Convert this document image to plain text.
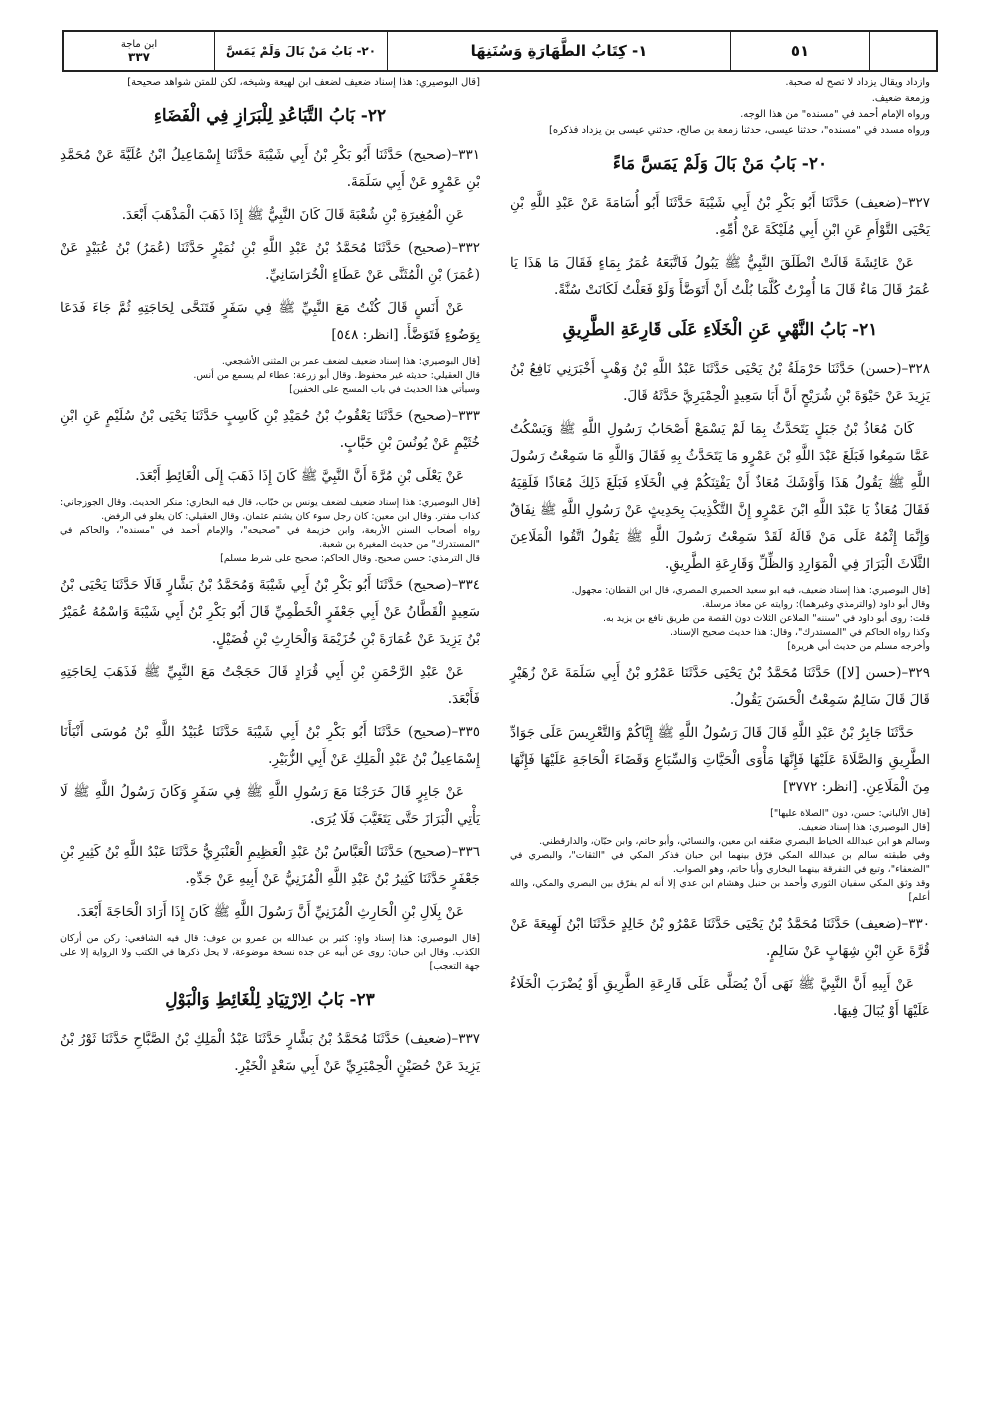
٥١
١- كِتَابُ الطَّهَارَةِ وَسُنَنِهَا
٢٠- بَابُ مَنْ بَالَ وَلَمْ يَمَسَّ
ابن ماجة
٣٣٧

وازداد ويقال يزداد لا تصح له صحبة.

وزمعة ضعيف.

ورواه الإمام أحمد في "مسنده" من هذا الوجه.

ورواه مسدد في "مسنده"، حدثنا عيسى، حدثنا زمعة بن صالح، حدثني عيسى بن يزداد فذكره]

٢٠- بَابُ مَنْ بَالَ وَلَمْ يَمَسَّ مَاءً

٣٢٧–(ضعيف) حَدَّثَنَا أَبُو بَكْرِ بْنُ أَبِي شَيْبَةَ حَدَّثَنَا أَبُو أُسَامَةَ عَنْ عَبْدِ اللَّهِ بْنِ يَحْيَى التَّوْأَمِ عَنِ ابْنِ أَبِي مُلَيْكَةَ عَنْ أُمِّهِ.

عَنْ عَائِشَةَ قَالَتْ انْطَلَقَ النَّبِيُّ ﷺ يَبُولُ فَاتَّبَعَهُ عُمَرُ بِمَاءٍ فَقَالَ مَا هَذَا يَا عُمَرُ قَالَ مَاءٌ قَالَ مَا أُمِرْتُ كُلَّمَا بُلْتُ أَنْ أَتَوَضَّأَ وَلَوْ فَعَلْتُ لَكَانَتْ سُنَّةً.

٢١- بَابُ النَّهْيِ عَنِ الْخَلَاءِ عَلَى قَارِعَةِ الطَّرِيقِ

٣٢٨–(حسن) حَدَّثَنَا حَرْمَلَةُ بْنُ يَحْيَى حَدَّثَنَا عَبْدُ اللَّهِ بْنُ وَهْبٍ أَخْبَرَنِي نَافِعُ بْنُ يَزِيدَ عَنْ حَيْوَةَ بْنِ شُرَيْحٍ أَنَّ أَبَا سَعِيدٍ الْحِمْيَرِيَّ حَدَّثَهُ قَالَ.

كَانَ مُعَاذُ بْنُ جَبَلٍ يَتَحَدَّثُ بِمَا لَمْ يَسْمَعْ أَصْحَابُ رَسُولِ اللَّهِ ﷺ وَيَسْكُتُ عَمَّا سَمِعُوا فَبَلَغَ عَبْدَ اللَّهِ بْنَ عَمْرٍو مَا يَتَحَدَّثُ بِهِ فَقَالَ وَاللَّهِ مَا سَمِعْتُ رَسُولَ اللَّهِ ﷺ يَقُولُ هَذَا وَأَوْشَكَ مُعَاذٌ أَنْ يَفْتِنَكُمْ فِي الْخَلَاءِ فَبَلَغَ ذَلِكَ مُعَاذًا فَلَقِيَهُ فَقَالَ مُعَاذٌ يَا عَبْدَ اللَّهِ ابْنَ عَمْرٍو إِنَّ التَّكْذِيبَ بِحَدِيثٍ عَنْ رَسُولِ اللَّهِ ﷺ نِفَاقٌ وَإِنَّمَا إِثْمُهُ عَلَى مَنْ قَالَهُ لَقَدْ سَمِعْتُ رَسُولَ اللَّهِ ﷺ يَقُولُ اتَّقُوا الْمَلَاعِنَ الثَّلَاثَ الْبَرَازَ فِي الْمَوَارِدِ وَالظِّلِّ وَقَارِعَةِ الطَّرِيقِ.

[قال البوصيري: هذا إسناد ضعيف، فيه ابو سعيد الحميري المصري، قال ابن القطان: مجهول.
وقال أبو داود (والترمذي وغيرهما): روايته عن معاذ مرسلة.
قلت: روى أبو داود في "سننه" الملاعن الثلاث دون القصة من طريق نافع بن يزيد به.
وكذا رواه الحاكم في "المستدرك"، وقال: هذا حديث صحيح الإسناد.
وأخرجه مسلم من حديث أبي هريرة]

٣٢٩–(حسن [لا]) حَدَّثَنَا مُحَمَّدُ بْنُ يَحْيَى حَدَّثَنَا عَمْرُو بْنُ أَبِي سَلَمَةَ عَنْ زُهَيْرٍ قَالَ قَالَ سَالِمٌ سَمِعْتُ الْحَسَنَ يَقُولُ.

حَدَّثَنَا جَابِرُ بْنُ عَبْدِ اللَّهِ قَالَ قَالَ رَسُولُ اللَّهِ ﷺ إِيَّاكُمْ وَالتَّعْرِيسَ عَلَى جَوَادِّ الطَّرِيقِ وَالصَّلَاةَ عَلَيْهَا فَإِنَّهَا مَأْوَى الْحَيَّاتِ وَالسِّبَاعِ وَقَضَاءَ الْحَاجَةِ عَلَيْهَا فَإِنَّهَا مِنَ الْمَلَاعِنِ. [انظر: ٣٧٧٢]

[قال الألباني: حسن، دون "الصلاة عليها"]
[قال البوصيري: هذا إسناد ضعيف.
وسالم هو ابن عبدالله الخياط البصري ضعّفه ابن معين، والنسائي، وأبو حاتم، وابن حبّان، والدارقطني.
وفي طبقته سالم بن عبدالله المكي فرّق بينهما ابن حبان فذكر المكي في "الثقات"، والبصري في "الضعفاء"، وتبع في التفرقة بينهما البخاري وأبا حاتم، وهو الصواب.
وقد وثق المكي سفيان الثوري وأحمد بن حنبل وهشام ابن عدي إلا أنه لم يفرّق بين البصري والمكي، والله أعلم]

٣٣٠–(ضعيف) حَدَّثَنَا مُحَمَّدُ بْنُ يَحْيَى حَدَّثَنَا عَمْرُو بْنُ خَالِدٍ حَدَّثَنَا ابْنُ لَهِيعَةَ عَنْ قُرَّةَ عَنِ ابْنِ شِهَابٍ عَنْ سَالِمٍ.

عَنْ أَبِيهِ أَنَّ النَّبِيَّ ﷺ نَهَى أَنْ يُصَلَّى عَلَى قَارِعَةِ الطَّرِيقِ أَوْ يُضْرَبَ الْخَلَاءُ عَلَيْهَا أَوْ يُبَالَ فِيهَا.

[قال البوصيري: هذا إسناد ضعيف لضعف ابن لهيعة وشيخه، لكن للمتن شواهد صحيحة]

٢٢- بَابُ التَّبَاعُدِ لِلْبَرَازِ فِي الْفَضَاءِ

٣٣١–(صحيح) حَدَّثَنَا أَبُو بَكْرِ بْنُ أَبِي شَيْبَةَ حَدَّثَنَا إِسْمَاعِيلُ ابْنُ عُلَيَّةَ عَنْ مُحَمَّدِ بْنِ عَمْرٍو عَنْ أَبِي سَلَمَةَ.

عَنِ الْمُغِيرَةِ بْنِ شُعْبَةَ قَالَ كَانَ النَّبِيُّ ﷺ إِذَا ذَهَبَ الْمَذْهَبَ أَبْعَدَ.

٣٣٢–(صحيح) حَدَّثَنَا مُحَمَّدُ بْنُ عَبْدِ اللَّهِ بْنِ نُمَيْرٍ حَدَّثَنَا (عُمَرُ) بْنُ عُبَيْدٍ عَنْ (عُمَرَ) بْنِ الْمُثَنَّى عَنْ عَطَاءٍ الْخُرَاسَانِيِّ.

عَنْ أَنَسٍ قَالَ كُنْتُ مَعَ النَّبِيِّ ﷺ فِي سَفَرٍ فَتَنَحَّى لِحَاجَتِهِ ثُمَّ جَاءَ فَدَعَا بِوَضُوءٍ فَتَوَضَّأَ. [انظر: ٥٤٨]

[قال البوصيري: هذا إسناد ضعيف لضعف عمر بن المثنى الأشجعي.
قال العقيلي: حديثه غير محفوظ. وقال أبو زرعة: عطاء لم يسمع من أنس.
وسيأتي هذا الحديث في باب المسح على الخفين]

٣٣٣–(صحيح) حَدَّثَنَا يَعْقُوبُ بْنُ حُمَيْدِ بْنِ كَاسِبٍ حَدَّثَنَا يَحْيَى بْنُ سُلَيْمٍ عَنِ ابْنِ خُثَيْمٍ عَنْ يُونُسَ بْنِ خَبَّابٍ.

عَنْ يَعْلَى بْنِ مُرَّةَ أَنَّ النَّبِيَّ ﷺ كَانَ إِذَا ذَهَبَ إِلَى الْغَائِطِ أَبْعَدَ.

[قال البوصيري: هذا إسناد ضعيف لضعف يونس بن خبّاب، قال فيه البخاري: منكر الحديث. وقال الجوزجاني: كذاب مفتر. وقال ابن معين: كان رجل سوء كان يشتم عثمان. وقال العقيلي: كان يغلو في الرفض.
رواه أصحاب السنن الأربعة، وابن خزيمة في "صحيحه"، والإمام أحمد في "مسنده"، والحاكم في "المستدرك" من حديث المغيرة بن شعبة.
قال الترمذي: حسن صحيح. وقال الحاكم: صحيح على شرط مسلم]

٣٣٤–(صحيح) حَدَّثَنَا أَبُو بَكْرِ بْنُ أَبِي شَيْبَةَ وَمُحَمَّدُ بْنُ بَشَّارٍ قَالَا حَدَّثَنَا يَحْيَى بْنُ سَعِيدٍ الْقَطَّانُ عَنْ أَبِي جَعْفَرٍ الْخَطْمِيِّ قَالَ أَبُو بَكْرِ بْنُ أَبِي شَيْبَةَ وَاسْمُهُ عُمَيْرُ بْنُ يَزِيدَ عَنْ عُمَارَةَ بْنِ خُزَيْمَةَ وَالْحَارِثِ بْنِ فُضَيْلٍ.

عَنْ عَبْدِ الرَّحْمَنِ بْنِ أَبِي قُرَادٍ قَالَ حَجَجْتُ مَعَ النَّبِيِّ ﷺ فَذَهَبَ لِحَاجَتِهِ فَأَبْعَدَ.

٣٣٥–(صحيح) حَدَّثَنَا أَبُو بَكْرِ بْنُ أَبِي شَيْبَةَ حَدَّثَنَا عُبَيْدُ اللَّهِ بْنُ مُوسَى أَنْبَأَنَا إِسْمَاعِيلُ بْنُ عَبْدِ الْمَلِكِ عَنْ أَبِي الزُّبَيْرِ.

عَنْ جَابِرٍ قَالَ خَرَجْنَا مَعَ رَسُولِ اللَّهِ ﷺ فِي سَفَرٍ وَكَانَ رَسُولُ اللَّهِ ﷺ لَا يَأْتِي الْبَرَازَ حَتَّى يَتَغَيَّبَ فَلَا يُرَى.

٣٣٦–(صحيح) حَدَّثَنَا الْعَبَّاسُ بْنُ عَبْدِ الْعَظِيمِ الْعَنْبَرِيُّ حَدَّثَنَا عَبْدُ اللَّهِ بْنُ كَثِيرِ بْنِ جَعْفَرٍ حَدَّثَنَا كَثِيرُ بْنُ عَبْدِ اللَّهِ الْمُزَنِيُّ عَنْ أَبِيهِ عَنْ جَدِّهِ.

عَنْ بِلَالِ بْنِ الْحَارِثِ الْمُزَنِيِّ أَنَّ رَسُولَ اللَّهِ ﷺ كَانَ إِذَا أَرَادَ الْحَاجَةَ أَبْعَدَ.

[قال البوصيري: هذا إسناد واهٍ: كثير بن عبدالله بن عمرو بن عوف: قال فيه الشافعي: ركن من أركان الكذب. وقال ابن حبان: روى عن أبيه عن جده نسخة موضوعة، لا يحل ذكرها في الكتب ولا الرواية إلا على جهة التعجب]

٢٣- بَابُ الِارْتِيَادِ لِلْغَائِطِ وَالْبَوْلِ

٣٣٧–(ضعيف) حَدَّثَنَا مُحَمَّدُ بْنُ بَشَّارٍ حَدَّثَنَا عَبْدُ الْمَلِكِ بْنُ الصَّبَّاحِ حَدَّثَنَا ثَوْرُ بْنُ يَزِيدَ عَنْ حُصَيْنٍ الْحِمْيَرِيِّ عَنْ أَبِي سَعْدٍ الْخَيْرِ.
